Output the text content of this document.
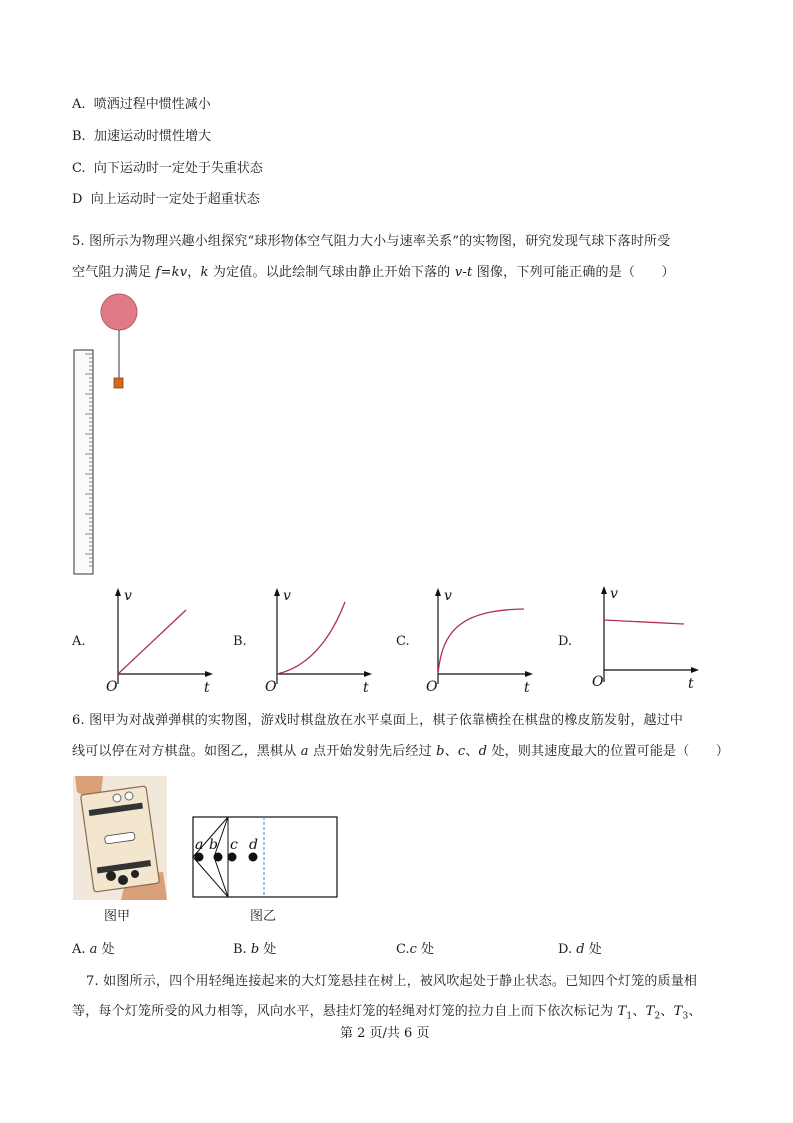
A. 喷洒过程中惯性减小
B. 加速运动时惯性增大
C. 向下运动时一定处于失重状态
D 向上运动时一定处于超重状态
5. 图所示为物理兴趣小组探究“球形物体空气阻力大小与速率关系”的实物图，研究发现气球下落时所受
空气阻力满足 f=kv，k 为定值。以此绘制气球由静止开始下落的 v-t 图像，下列可能正确的是（　　）
A.
v
t
O
B.
v
t
O
C.
v
t
O
D.
v
t
O
6. 图甲为对战弹弹棋的实物图，游戏时棋盘放在水平桌面上，棋子依靠横拴在棋盘的橡皮筋发射，越过中
线可以停在对方棋盘。如图乙，黑棋从 a 点开始发射先后经过 b、c、d 处，则其速度最大的位置可能是（　　）
图甲
a b c d
图乙
A. a 处	B. b 处	C.c 处	D. d 处
7. 如图所示，四个用轻绳连接起来的大灯笼悬挂在树上，被风吹起处于静止状态。已知四个灯笼的质量相
等，每个灯笼所受的风力相等，风向水平，悬挂灯笼的轻绳对灯笼的拉力自上而下依次标记为 $T_1$、$T_2$、$T_3$、
第 2 页/共 6 页
